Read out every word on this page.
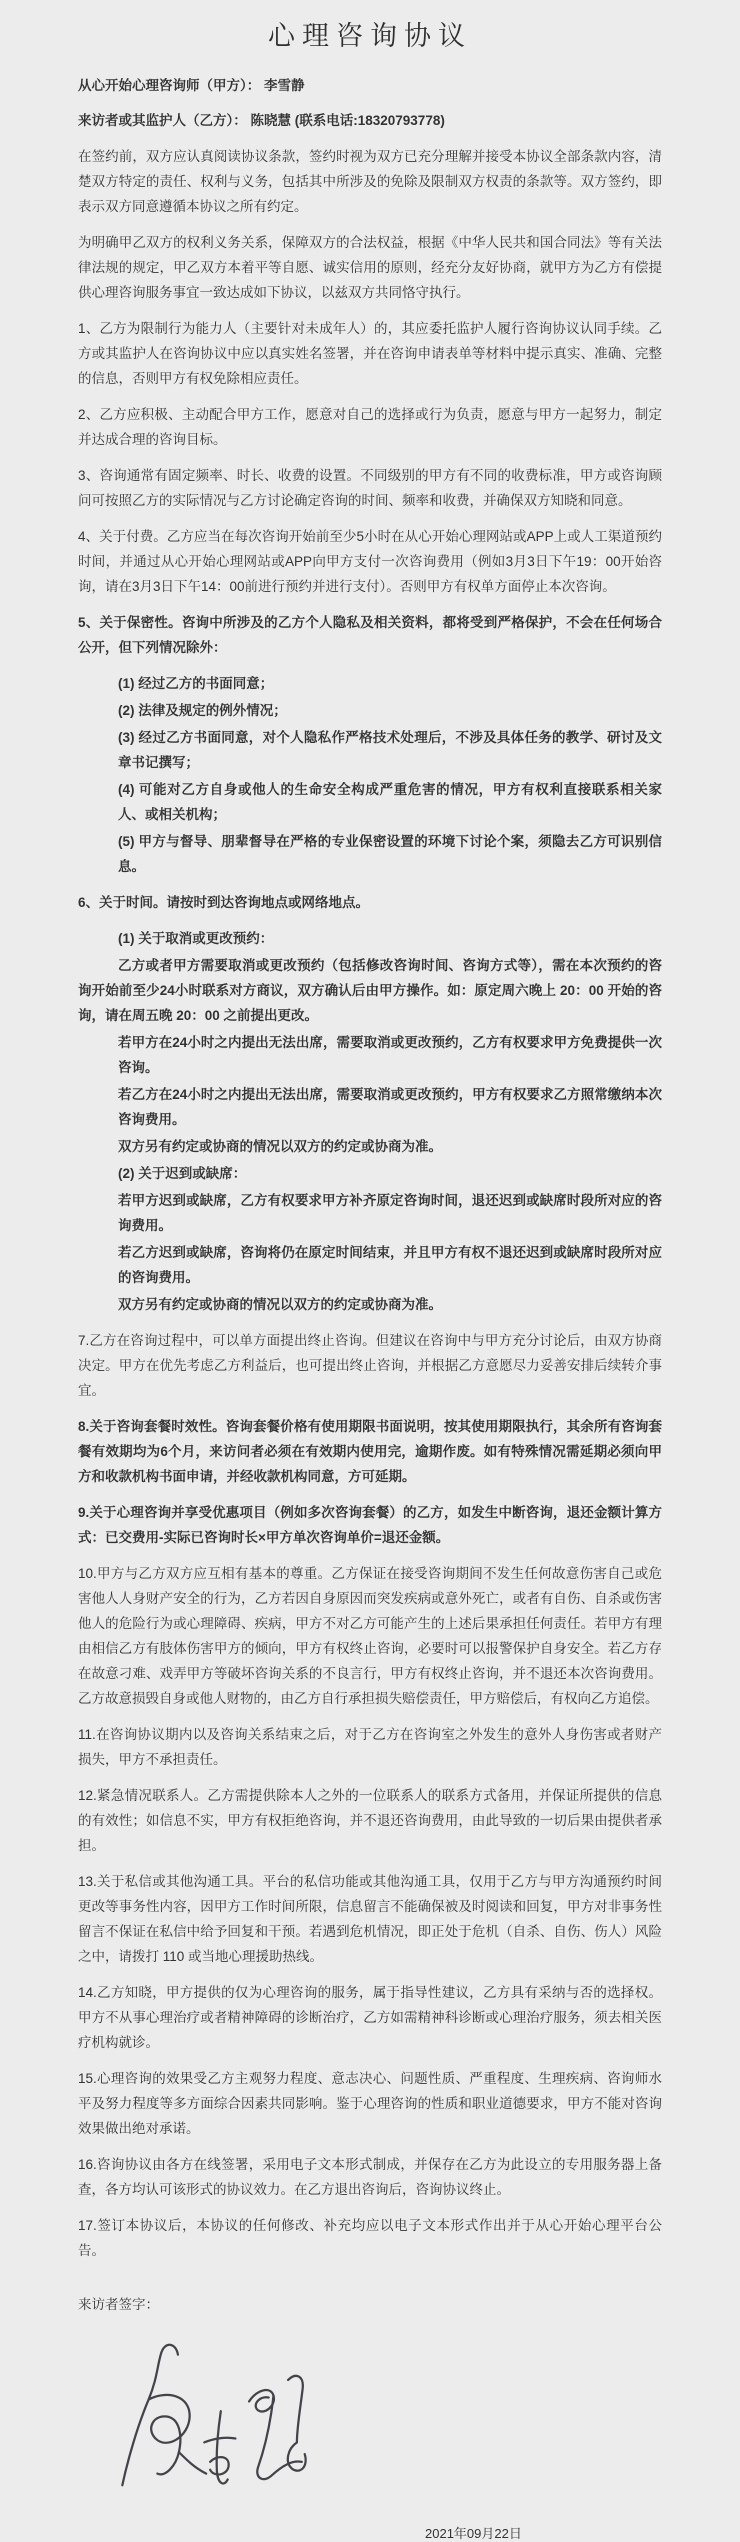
心理咨询协议

从心开始心理咨询师（甲方）： 李雪静

来访者或其监护人（乙方）： 陈晓慧 (联系电话:18320793778)

在签约前，双方应认真阅读协议条款，签约时视为双方已充分理解并接受本协议全部条款内容，清楚双方特定的责任、权利与义务，包括其中所涉及的免除及限制双方权责的条款等。双方签约，即表示双方同意遵循本协议之所有约定。

为明确甲乙双方的权利义务关系，保障双方的合法权益，根据《中华人民共和国合同法》等有关法律法规的规定，甲乙双方本着平等自愿、诚实信用的原则，经充分友好协商，就甲方为乙方有偿提供心理咨询服务事宜一致达成如下协议，以兹双方共同恪守执行。

1、乙方为限制行为能力人（主要针对未成年人）的，其应委托监护人履行咨询协议认同手续。乙方或其监护人在咨询协议中应以真实姓名签署，并在咨询申请表单等材料中提示真实、准确、完整的信息，否则甲方有权免除相应责任。

2、乙方应积极、主动配合甲方工作，愿意对自己的选择或行为负责，愿意与甲方一起努力，制定并达成合理的咨询目标。

3、咨询通常有固定频率、时长、收费的设置。不同级别的甲方有不同的收费标准，甲方或咨询顾问可按照乙方的实际情况与乙方讨论确定咨询的时间、频率和收费，并确保双方知晓和同意。

4、关于付费。乙方应当在每次咨询开始前至少5小时在从心开始心理网站或APP上或人工渠道预约时间，并通过从心开始心理网站或APP向甲方支付一次咨询费用（例如3月3日下午19：00开始咨询，请在3月3日下午14：00前进行预约并进行支付）。否则甲方有权单方面停止本次咨询。

5、关于保密性。咨询中所涉及的乙方个人隐私及相关资料，都将受到严格保护，不会在任何场合公开，但下列情况除外：

(1) 经过乙方的书面同意；

(2) 法律及规定的例外情况；

(3) 经过乙方书面同意，对个人隐私作严格技术处理后，不涉及具体任务的教学、研讨及文章书记撰写；

(4) 可能对乙方自身或他人的生命安全构成严重危害的情况，甲方有权利直接联系相关家人、或相关机构；

(5) 甲方与督导、朋辈督导在严格的专业保密设置的环境下讨论个案，须隐去乙方可识别信息。

6、关于时间。请按时到达咨询地点或网络地点。

(1) 关于取消或更改预约：

乙方或者甲方需要取消或更改预约（包括修改咨询时间、咨询方式等），需在本次预约的咨询开始前至少24小时联系对方商议，双方确认后由甲方操作。如：原定周六晚上 20：00 开始的咨询，请在周五晚 20：00 之前提出更改。

若甲方在24小时之内提出无法出席，需要取消或更改预约，乙方有权要求甲方免费提供一次咨询。

若乙方在24小时之内提出无法出席，需要取消或更改预约，甲方有权要求乙方照常缴纳本次咨询费用。

双方另有约定或协商的情况以双方的约定或协商为准。

(2) 关于迟到或缺席：

若甲方迟到或缺席，乙方有权要求甲方补齐原定咨询时间，退还迟到或缺席时段所对应的咨询费用。

若乙方迟到或缺席，咨询将仍在原定时间结束，并且甲方有权不退还迟到或缺席时段所对应的咨询费用。

双方另有约定或协商的情况以双方的约定或协商为准。

7.乙方在咨询过程中，可以单方面提出终止咨询。但建议在咨询中与甲方充分讨论后，由双方协商决定。甲方在优先考虑乙方利益后，也可提出终止咨询，并根据乙方意愿尽力妥善安排后续转介事宜。

8.关于咨询套餐时效性。咨询套餐价格有使用期限书面说明，按其使用期限执行，其余所有咨询套餐有效期均为6个月，来访问者必须在有效期内使用完，逾期作废。如有特殊情况需延期必须向甲方和收款机构书面申请，并经收款机构同意，方可延期。

9.关于心理咨询并享受优惠项目（例如多次咨询套餐）的乙方，如发生中断咨询，退还金额计算方式：已交费用-实际已咨询时长×甲方单次咨询单价=退还金额。

10.甲方与乙方双方应互相有基本的尊重。乙方保证在接受咨询期间不发生任何故意伤害自己或危害他人人身财产安全的行为，乙方若因自身原因而突发疾病或意外死亡，或者有自伤、自杀或伤害他人的危险行为或心理障碍、疾病，甲方不对乙方可能产生的上述后果承担任何责任。若甲方有理由相信乙方有肢体伤害甲方的倾向，甲方有权终止咨询，必要时可以报警保护自身安全。若乙方存在故意刁难、戏弄甲方等破坏咨询关系的不良言行，甲方有权终止咨询，并不退还本次咨询费用。乙方故意损毁自身或他人财物的，由乙方自行承担损失赔偿责任，甲方赔偿后，有权向乙方追偿。

11.在咨询协议期内以及咨询关系结束之后，对于乙方在咨询室之外发生的意外人身伤害或者财产损失，甲方不承担责任。

12.紧急情况联系人。乙方需提供除本人之外的一位联系人的联系方式备用，并保证所提供的信息的有效性；如信息不实，甲方有权拒绝咨询，并不退还咨询费用，由此导致的一切后果由提供者承担。

13.关于私信或其他沟通工具。平台的私信功能或其他沟通工具，仅用于乙方与甲方沟通预约时间更改等事务性内容，因甲方工作时间所限，信息留言不能确保被及时阅读和回复，甲方对非事务性留言不保证在私信中给予回复和干预。若遇到危机情况，即正处于危机（自杀、自伤、伤人）风险之中，请拨打 110 或当地心理援助热线。

14.乙方知晓，甲方提供的仅为心理咨询的服务，属于指导性建议，乙方具有采纳与否的选择权。甲方不从事心理治疗或者精神障碍的诊断治疗，乙方如需精神科诊断或心理治疗服务，须去相关医疗机构就诊。

15.心理咨询的效果受乙方主观努力程度、意志决心、问题性质、严重程度、生理疾病、咨询师水平及努力程度等多方面综合因素共同影响。鉴于心理咨询的性质和职业道德要求，甲方不能对咨询效果做出绝对承诺。

16.咨询协议由各方在线签署，采用电子文本形式制成，并保存在乙方为此设立的专用服务器上备查，各方均认可该形式的协议效力。在乙方退出咨询后，咨询协议终止。

17.签订本协议后，本协议的任何修改、补充均应以电子文本形式作出并于从心开始心理平台公告。

来访者签字：

2021年09月22日
